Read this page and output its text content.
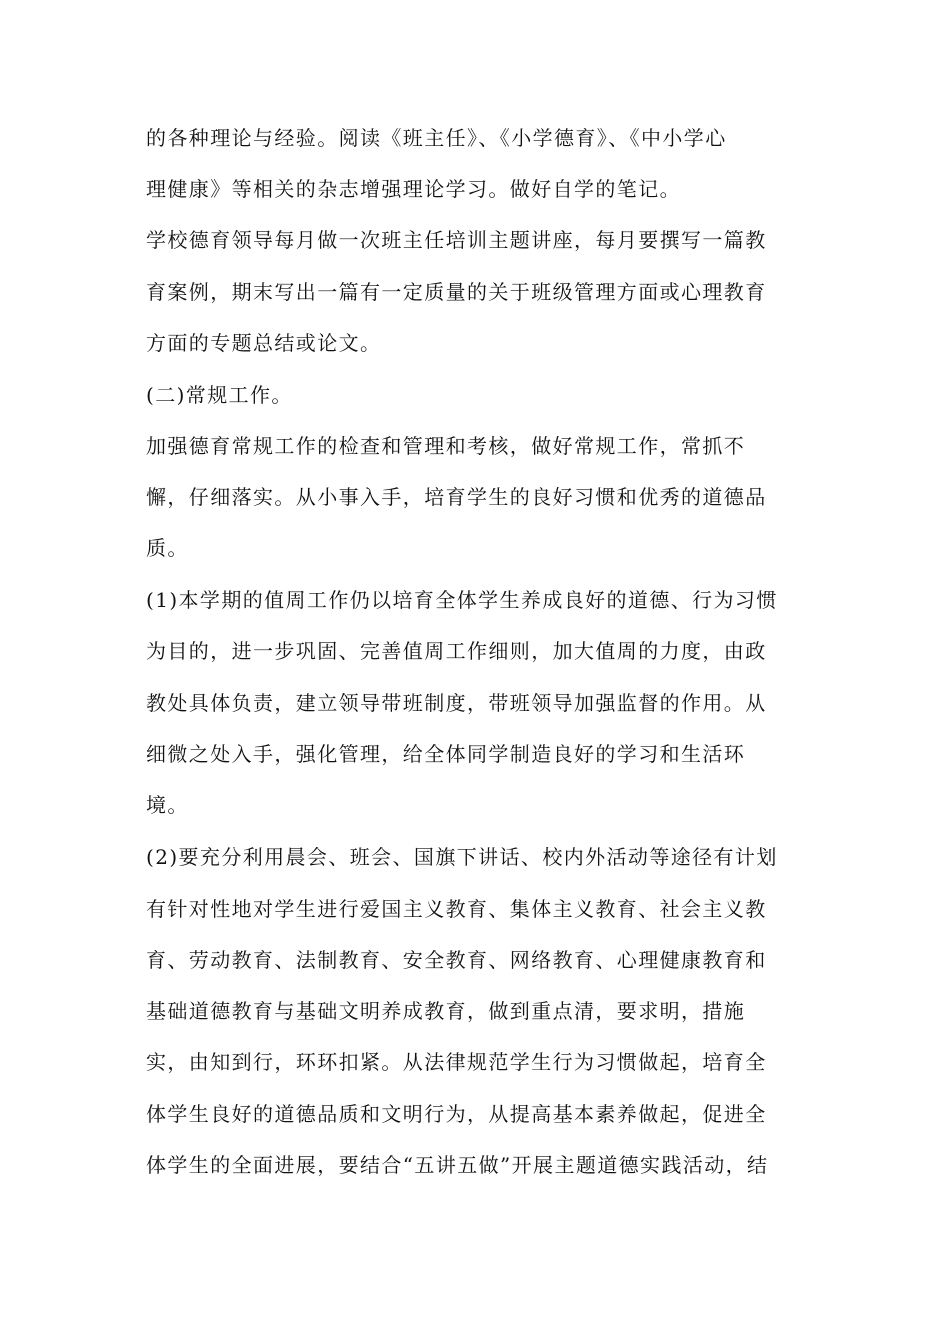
的各种理论与经验。阅读《班主任》、《小学德育》、《中小学心
理健康》等相关的杂志增强理论学习。做好自学的笔记。
学校德育领导每月做一次班主任培训主题讲座，每月要撰写一篇教
育案例，期末写出一篇有一定质量的关于班级管理方面或心理教育
方面的专题总结或论文。
(二)常规工作。
加强德育常规工作的检查和管理和考核，做好常规工作，常抓不
懈，仔细落实。从小事入手，培育学生的良好习惯和优秀的道德品
质。
(1)本学期的值周工作仍以培育全体学生养成良好的道德、行为习惯
为目的，进一步巩固、完善值周工作细则，加大值周的力度，由政
教处具体负责，建立领导带班制度，带班领导加强监督的作用。从
细微之处入手，强化管理，给全体同学制造良好的学习和生活环
境。
(2)要充分利用晨会、班会、国旗下讲话、校内外活动等途径有计划
有针对性地对学生进行爱国主义教育、集体主义教育、社会主义教
育、劳动教育、法制教育、安全教育、网络教育、心理健康教育和
基础道德教育与基础文明养成教育，做到重点清，要求明，措施
实，由知到行，环环扣紧。从法律规范学生行为习惯做起，培育全
体学生良好的道德品质和文明行为，从提高基本素养做起，促进全
体学生的全面进展，要结合“五讲五做”开展主题道德实践活动，结
